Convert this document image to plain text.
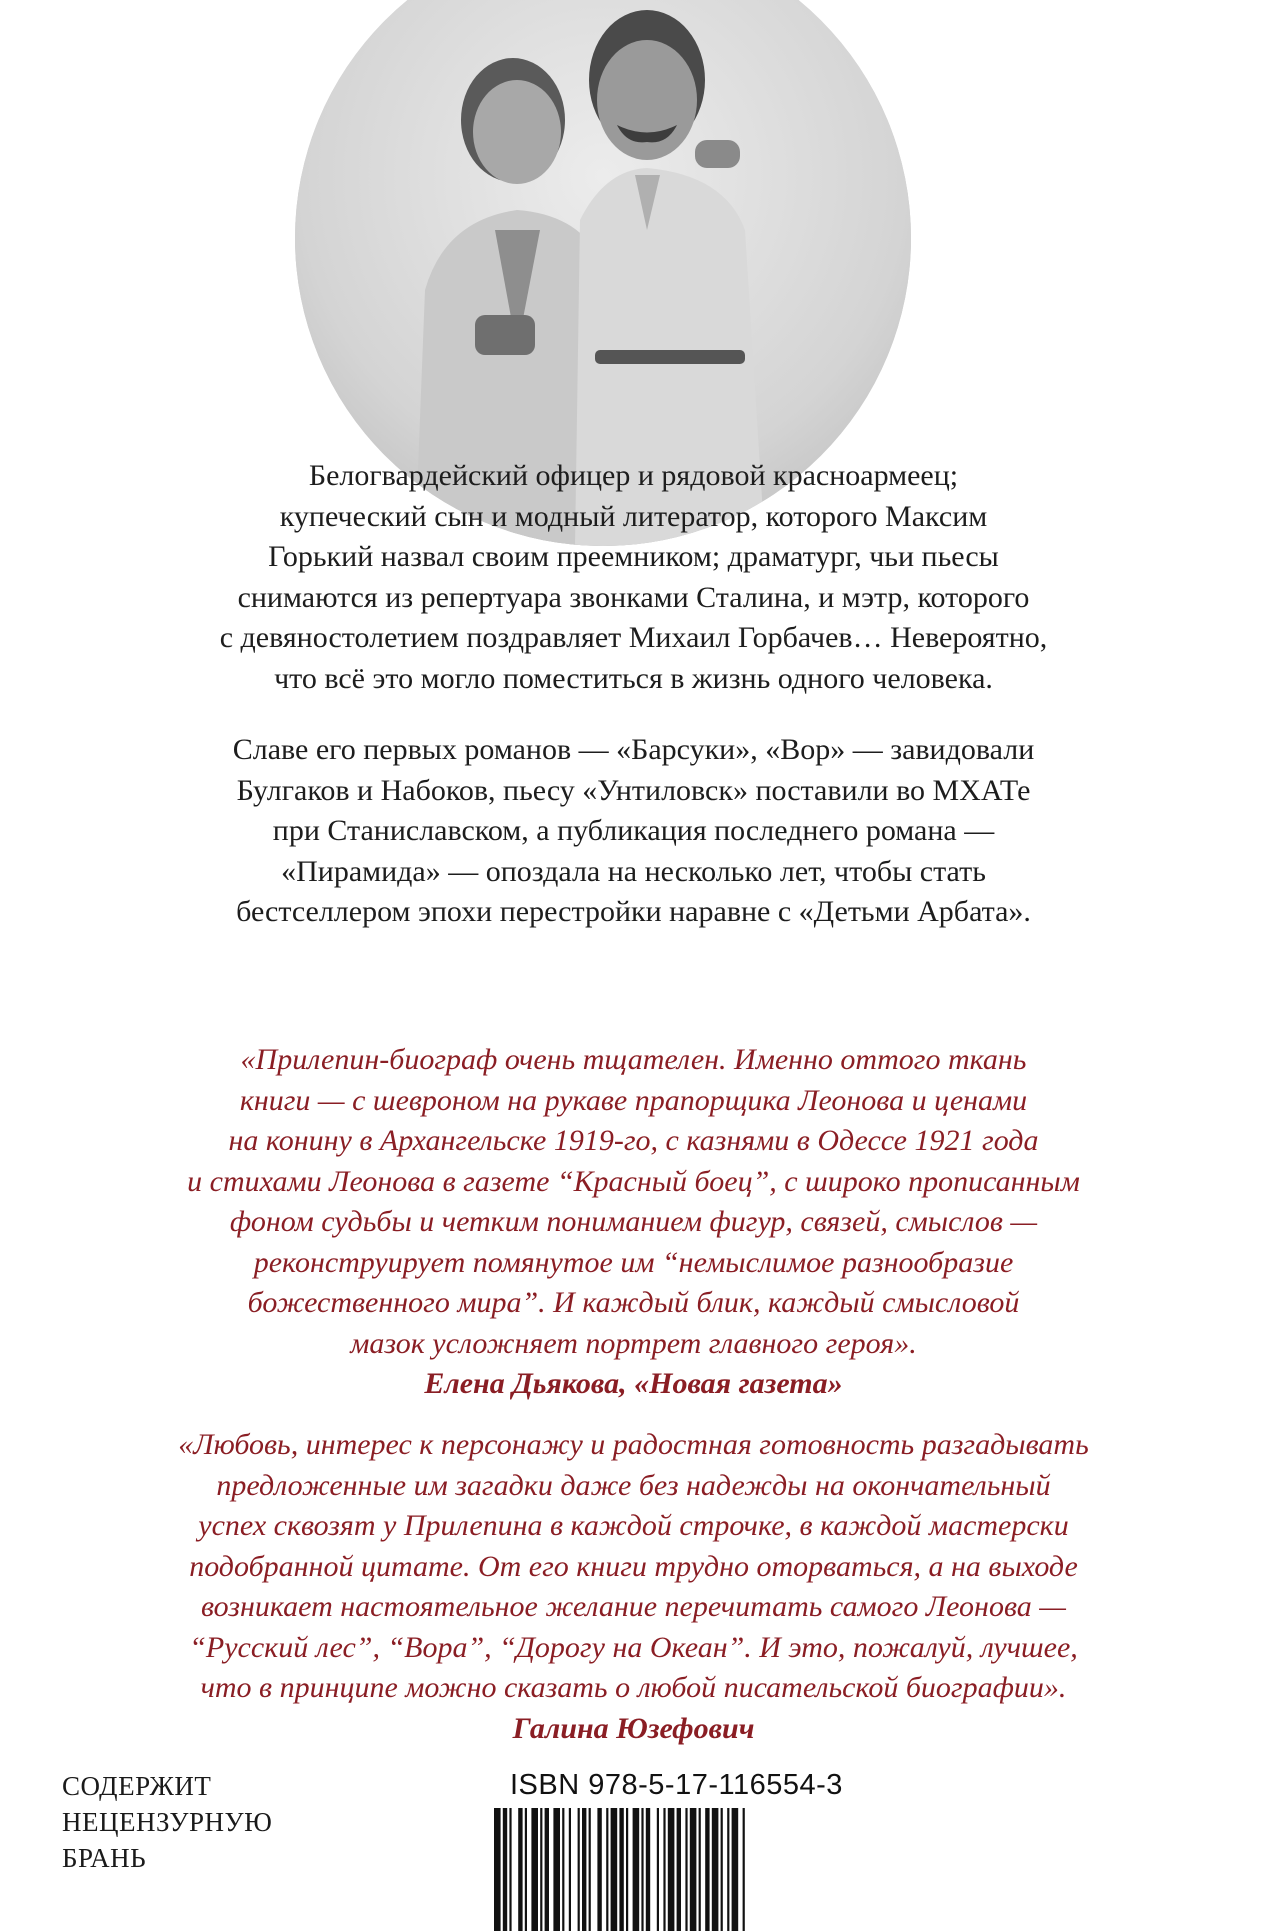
Белогвардейский офицер и рядовой красноармеец;
купеческий сын и модный литератор, которого Максим
Горький назвал своим преемником; драматург, чьи пьесы
снимаются из репертуара звонками Сталина, и мэтр, которого
с девяностолетием поздравляет Михаил Горбачев… Невероятно,
что всё это могло поместиться в жизнь одного человека.
Славе его первых романов — «Барсуки», «Вор» — завидовали
Булгаков и Набоков, пьесу «Унтиловск» поставили во МХАТе
при Станиславском, а публикация последнего романа —
«Пирамида» — опоздала на несколько лет, чтобы стать
бестселлером эпохи перестройки наравне с «Детьми Арбата».
«Прилепин-биограф очень тщателен. Именно оттого ткань
книги — с шевроном на рукаве прапорщика Леонова и ценами
на конину в Архангельске 1919-го, с казнями в Одессе 1921 года
и стихами Леонова в газете “Красный боец”, с широко прописанным
фоном судьбы и четким пониманием фигур, связей, смыслов —
реконструирует помянутое им “немыслимое разнообразие
божественного мира”. И каждый блик, каждый смысловой
мазок усложняет портрет главного героя».
Елена Дьякова, «Новая газета»
«Любовь, интерес к персонажу и радостная готовность разгадывать
предложенные им загадки даже без надежды на окончательный
успех сквозят у Прилепина в каждой строчке, в каждой мастерски
подобранной цитате. От его книги трудно оторваться, а на выходе
возникает настоятельное желание перечитать самого Леонова —
“Русский лес”, “Вора”, “Дорогу на Океан”. И это, пожалуй, лучшее,
что в принципе можно сказать о любой писательской биографии».
Галина Юзефович
СОДЕРЖИТ
НЕЦЕНЗУРНУЮ
БРАНЬ
ISBN 978-5-17-116554-3
